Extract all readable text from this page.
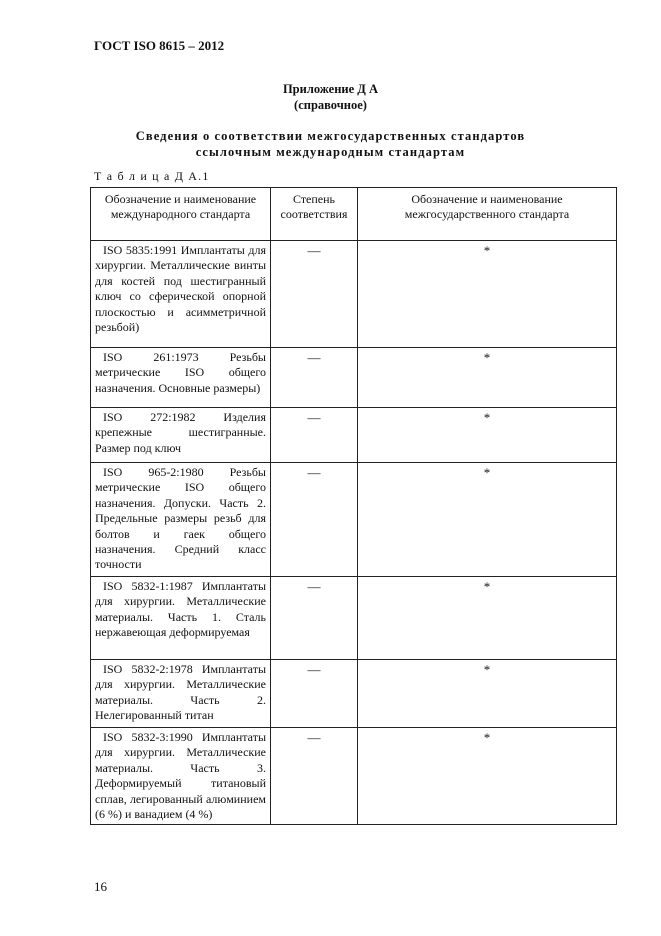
ГОСТ ISO 8615 – 2012
Приложение Д А
(справочное)
Сведения о соответствии межгосударственных стандартов
ссылочным международным стандартам
Т а б л и ц а Д А.1
Обозначение и наименование международного стандарта	Степень соответствия	Обозначение и наименование межгосударственного стандарта
ISO 5835:1991 Имплантаты для хирургии. Металлические винты для костей под шестигранный ключ со сферической опорной плоскостью и асимметричной резьбой)	—	*
ISO 261:1973 Резьбы метрические ISO общего назначения. Основные размеры)	—	*
ISO 272:1982 Изделия крепежные шестигранные. Размер под ключ	—	*
ISO 965-2:1980 Резьбы метрические ISO общего назначения. Допуски. Часть 2. Предельные размеры резьб для болтов и гаек общего назначения. Средний класс точности	—	*
ISO 5832-1:1987 Имплантаты для хирургии. Металлические материалы. Часть 1. Сталь нержавеющая деформируемая	—	*
ISO 5832-2:1978 Имплантаты для хирургии. Металлические материалы. Часть 2. Нелегированный титан	—	*
ISO 5832-3:1990 Имплантаты для хирургии. Металлические материалы. Часть 3. Деформируемый титановый сплав, легированный алюминием (6 %) и ванадием (4 %)	—	*
16
